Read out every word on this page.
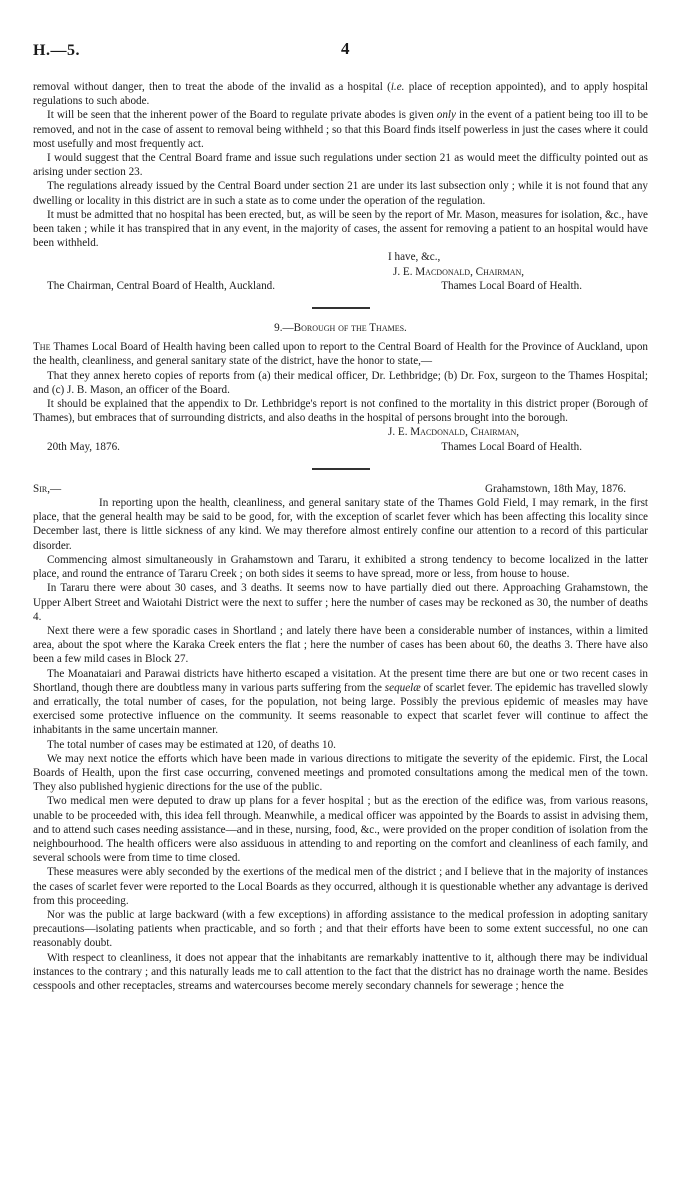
H.—5.	4

removal without danger, then to treat the abode of the invalid as a hospital (i.e. place of reception appointed), and to apply hospital regulations to such abode.

It will be seen that the inherent power of the Board to regulate private abodes is given only in the event of a patient being too ill to be removed, and not in the case of assent to removal being withheld ; so that this Board finds itself powerless in just the cases where it could most usefully and most frequently act.

I would suggest that the Central Board frame and issue such regulations under section 21 as would meet the difficulty pointed out as arising under section 23.

The regulations already issued by the Central Board under section 21 are under its last subsection only ; while it is not found that any dwelling or locality in this district are in such a state as to come under the operation of the regulation.

It must be admitted that no hospital has been erected, but, as will be seen by the report of Mr. Mason, measures for isolation, &c., have been taken ; while it has transpired that in any event, in the majority of cases, the assent for removing a patient to an hospital would have been withheld.

I have, &c.,
J. E. Macdonald, Chairman,
The Chairman, Central Board of Health, Auckland.	Thames Local Board of Health.

9.—Borough of the Thames.

The Thames Local Board of Health having been called upon to report to the Central Board of Health for the Province of Auckland, upon the health, cleanliness, and general sanitary state of the district, have the honor to state,—

That they annex hereto copies of reports from (a) their medical officer, Dr. Lethbridge; (b) Dr. Fox, surgeon to the Thames Hospital; and (c) J. B. Mason, an officer of the Board.

It should be explained that the appendix to Dr. Lethbridge's report is not confined to the mortality in this district proper (Borough of Thames), but embraces that of surrounding districts, and also deaths in the hospital of persons brought into the borough.

J. E. Macdonald, Chairman,
20th May, 1876.	Thames Local Board of Health.
Sir,—	Grahamstown, 18th May, 1876.

In reporting upon the health, cleanliness, and general sanitary state of the Thames Gold Field, I may remark, in the first place, that the general health may be said to be good, for, with the exception of scarlet fever which has been affecting this locality since December last, there is little sickness of any kind. We may therefore almost entirely confine our attention to a record of this particular disorder.

Commencing almost simultaneously in Grahamstown and Tararu, it exhibited a strong tendency to become localized in the latter place, and round the entrance of Tararu Creek ; on both sides it seems to have spread, more or less, from house to house.

In Tararu there were about 30 cases, and 3 deaths. It seems now to have partially died out there. Approaching Grahamstown, the Upper Albert Street and Waiotahi District were the next to suffer ; here the number of cases may be reckoned as 30, the number of deaths 4.

Next there were a few sporadic cases in Shortland ; and lately there have been a considerable number of instances, within a limited area, about the spot where the Karaka Creek enters the flat ; here the number of cases has been about 60, the deaths 3. There have also been a few mild cases in Block 27.

The Moanataiari and Parawai districts have hitherto escaped a visitation. At the present time there are but one or two recent cases in Shortland, though there are doubtless many in various parts suffering from the sequelæ of scarlet fever. The epidemic has travelled slowly and erratically, the total number of cases, for the population, not being large. Possibly the previous epidemic of measles may have exercised some protective influence on the community. It seems reasonable to expect that scarlet fever will continue to affect the inhabitants in the same uncertain manner.

The total number of cases may be estimated at 120, of deaths 10.

We may next notice the efforts which have been made in various directions to mitigate the severity of the epidemic. First, the Local Boards of Health, upon the first case occurring, convened meetings and promoted consultations among the medical men of the town. They also published hygienic directions for the use of the public.

Two medical men were deputed to draw up plans for a fever hospital ; but as the erection of the edifice was, from various reasons, unable to be proceeded with, this idea fell through. Meanwhile, a medical officer was appointed by the Boards to assist in advising them, and to attend such cases needing assistance—and in these, nursing, food, &c., were provided on the proper condition of isolation from the neighbourhood. The health officers were also assiduous in attending to and reporting on the comfort and cleanliness of each family, and several schools were from time to time closed.

These measures were ably seconded by the exertions of the medical men of the district ; and I believe that in the majority of instances the cases of scarlet fever were reported to the Local Boards as they occurred, although it is questionable whether any advantage is derived from this proceeding.

Nor was the public at large backward (with a few exceptions) in affording assistance to the medical profession in adopting sanitary precautions—isolating patients when practicable, and so forth ; and that their efforts have been to some extent successful, no one can reasonably doubt.

With respect to cleanliness, it does not appear that the inhabitants are remarkably inattentive to it, although there may be individual instances to the contrary ; and this naturally leads me to call attention to the fact that the district has no drainage worth the name. Besides cesspools and other receptacles, streams and watercourses become merely secondary channels for sewerage ; hence the
